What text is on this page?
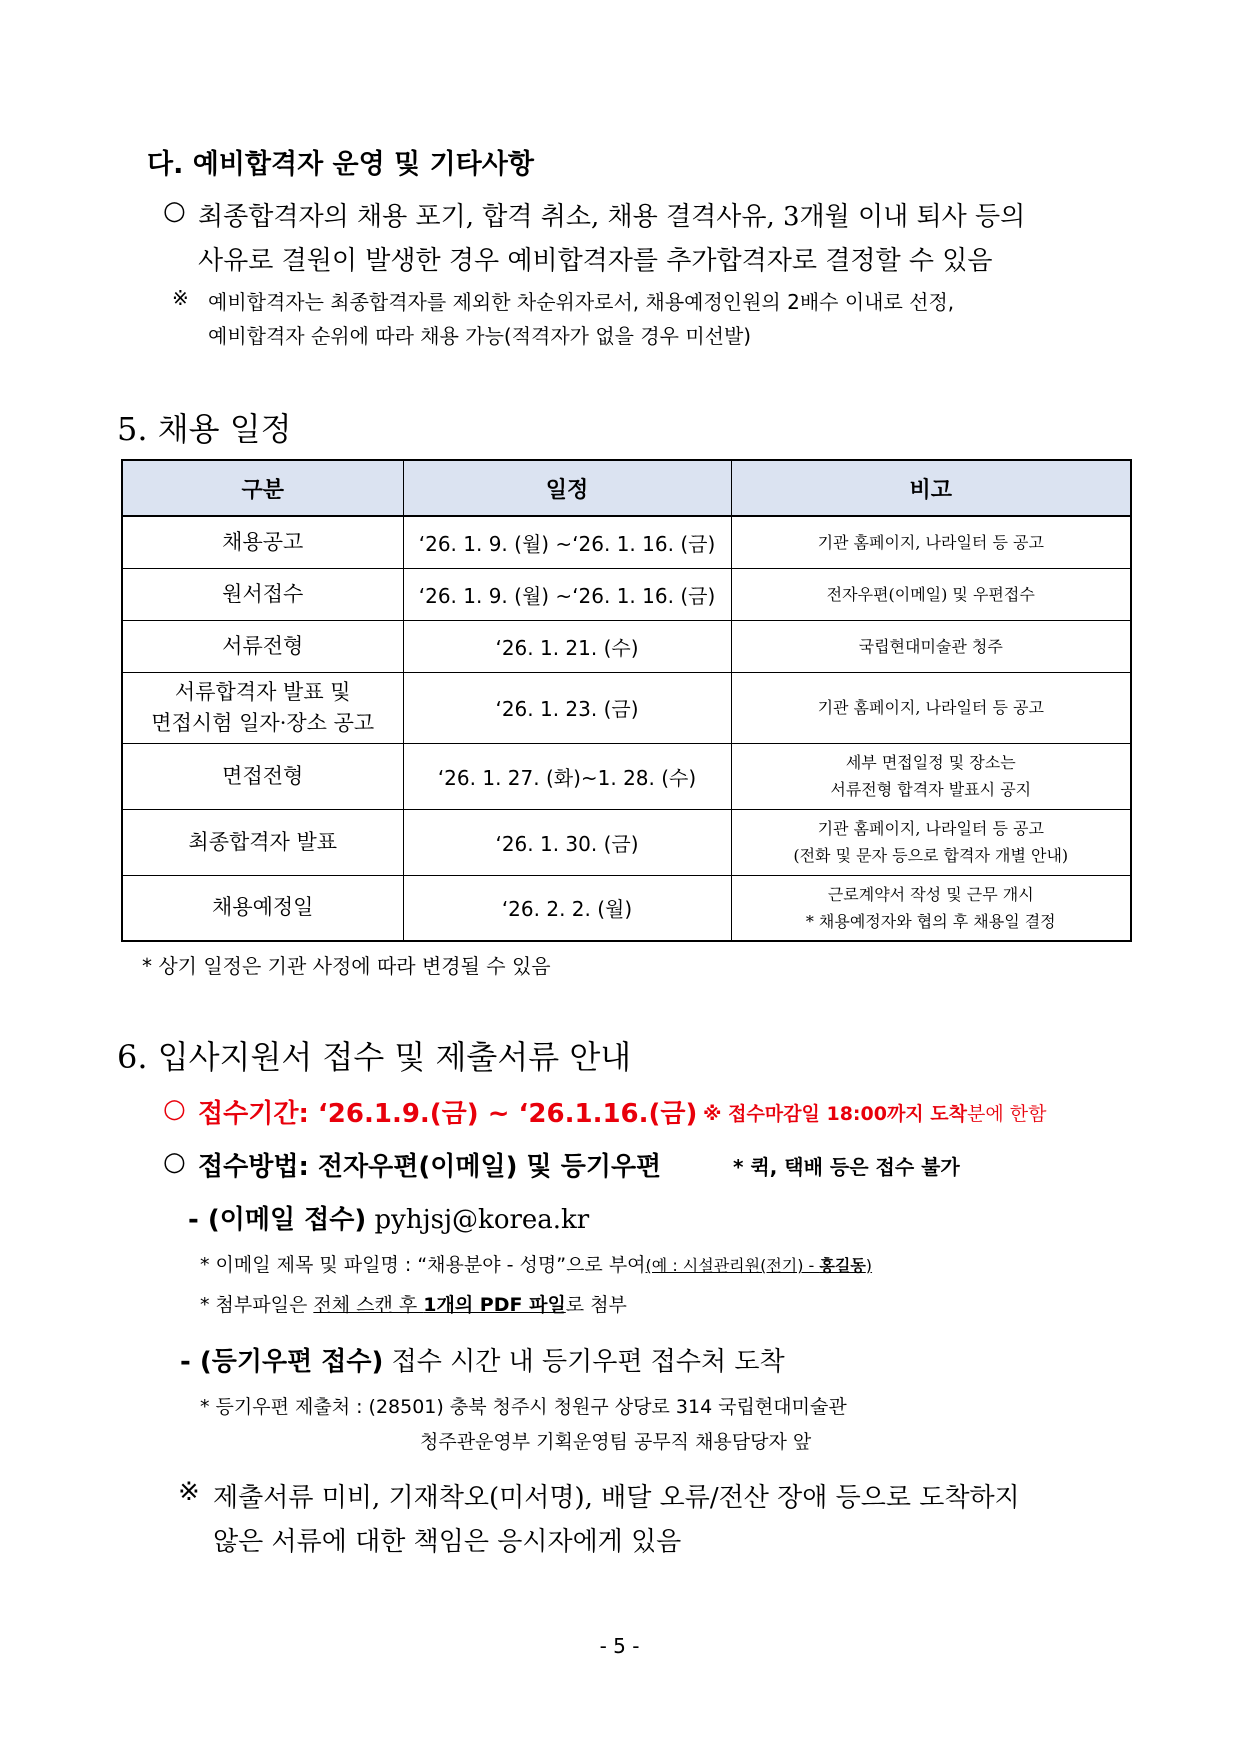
다. 예비합격자 운영 및 기타사항
○ 최종합격자의 채용 포기, 합격 취소, 채용 결격사유, 3개월 이내 퇴사 등의
사유로 결원이 발생한 경우 예비합격자를 추가합격자로 결정할 수 있음
※ 예비합격자는 최종합격자를 제외한 차순위자로서, 채용예정인원의 2배수 이내로 선정,
예비합격자 순위에 따라 채용 가능(적격자가 없을 경우 미선발)
5. 채용 일정
구분	일정	비고

채용공고	‘26. 1. 9. (월) ~‘26. 1. 16. (금)	기관 홈페이지, 나라일터 등 공고

원서접수	‘26. 1. 9. (월) ~‘26. 1. 16. (금)	전자우편(이메일) 및 우편접수

서류전형	‘26. 1. 21. (수)	국립현대미술관 청주

서류합격자 발표 및
면접시험 일자·장소 공고	‘26. 1. 23. (금)	기관 홈페이지, 나라일터 등 공고

면접전형	‘26. 1. 27. (화)~1. 28. (수)	세부 면접일정 및 장소는
서류전형 합격자 발표시 공지

최종합격자 발표	‘26. 1. 30. (금)	기관 홈페이지, 나라일터 등 공고
(전화 및 문자 등으로 합격자 개별 안내)

채용예정일	‘26. 2. 2. (월)	근로계약서 작성 및 근무 개시
* 채용예정자와 협의 후 채용일 결정
* 상기 일정은 기관 사정에 따라 변경될 수 있음
6. 입사지원서 접수 및 제출서류 안내
○ 접수기간: ‘26.1.9.(금) ~ ‘26.1.16.(금) ※ 접수마감일 18:00까지 도착분에 한함
○ 접수방법: 전자우편(이메일) 및 등기우편	* 퀵, 택배 등은 접수 불가
- (이메일 접수) pyhjsj@korea.kr
* 이메일 제목 및 파일명 : “채용분야 - 성명”으로 부여(예 : 시설관리원(전기) - 홍길동)
* 첨부파일은 전체 스캔 후 1개의 PDF 파일로 첨부
- (등기우편 접수) 접수 시간 내 등기우편 접수처 도착
* 등기우편 제출처 : (28501) 충북 청주시 청원구 상당로 314 국립현대미술관
청주관운영부 기획운영팀 공무직 채용담당자 앞
※ 제출서류 미비, 기재착오(미서명), 배달 오류/전산 장애 등으로 도착하지
않은 서류에 대한 책임은 응시자에게 있음
- 5 -
